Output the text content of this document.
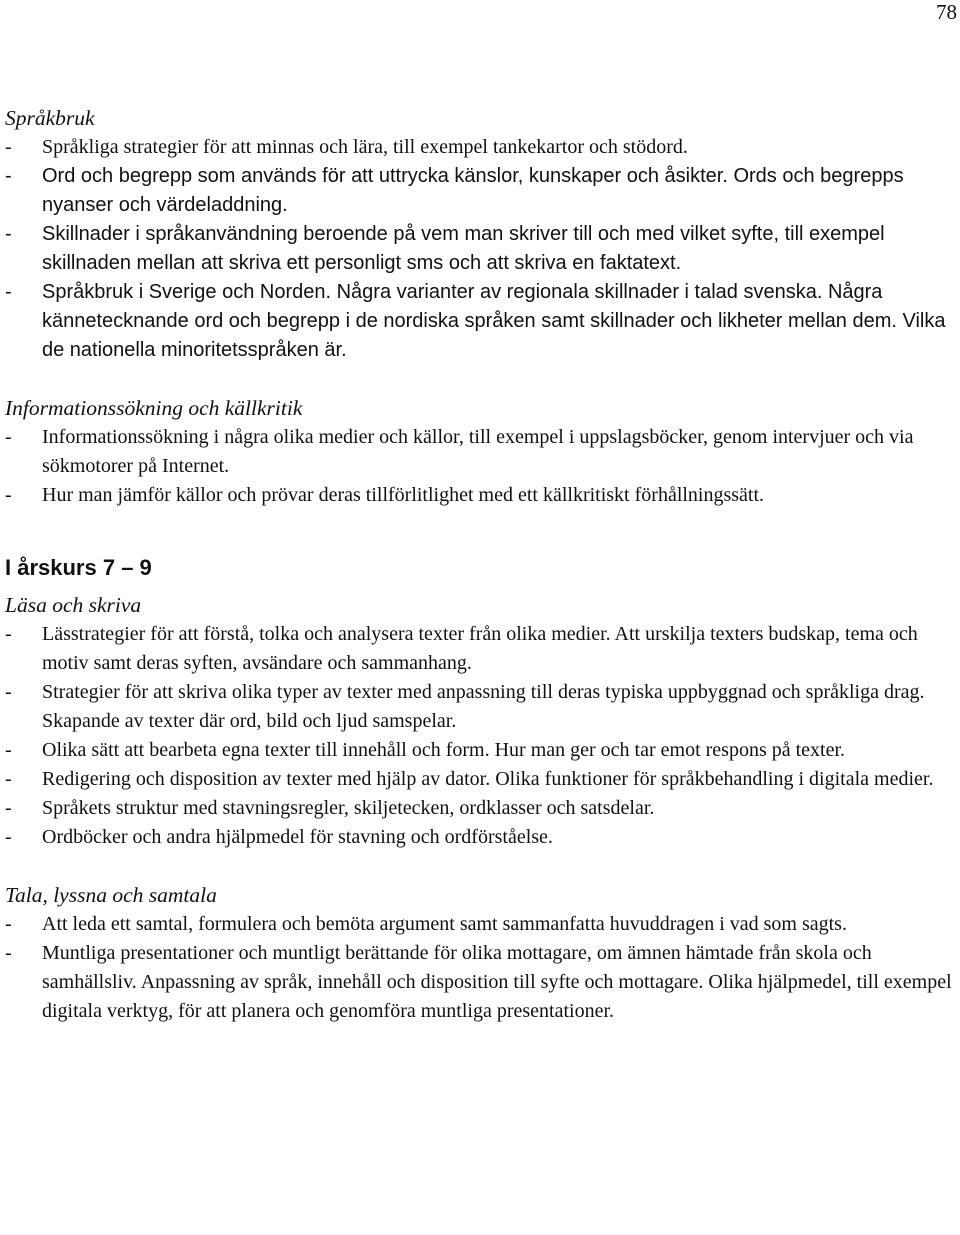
78
Språkbruk
-	Språkliga strategier för att minnas och lära, till exempel tankekartor och stödord.
-	Ord och begrepp som används för att uttrycka känslor, kunskaper och åsikter. Ords och begrepps nyanser och värdeladdning.
-	Skillnader i språkanvändning beroende på vem man skriver till och med vilket syfte, till exempel skillnaden mellan att skriva ett personligt sms och att skriva en faktatext.
-	Språkbruk i Sverige och Norden. Några varianter av regionala skillnader i talad svenska. Några kännetecknande ord och begrepp i de nordiska språken samt skillnader och likheter mellan dem. Vilka de nationella minoritetsspråken är.
Informationssökning och källkritik
-	Informationssökning i några olika medier och källor, till exempel i uppslagsböcker, genom intervjuer och via sökmotorer på Internet.
-	Hur man jämför källor och prövar deras tillförlitlighet med ett källkritiskt förhållningssätt.
I årskurs 7 – 9
Läsa och skriva
-	Lässtrategier för att förstå, tolka och analysera texter från olika medier. Att urskilja texters budskap, tema och motiv samt deras syften, avsändare och sammanhang.
-	Strategier för att skriva olika typer av texter med anpassning till deras typiska uppbyggnad och språkliga drag. Skapande av texter där ord, bild och ljud samspelar.
-	Olika sätt att bearbeta egna texter till innehåll och form. Hur man ger och tar emot respons på texter.
-	Redigering och disposition av texter med hjälp av dator. Olika funktioner för språkbehandling i digitala medier.
-	Språkets struktur med stavningsregler, skiljetecken, ordklasser och satsdelar.
-	Ordböcker och andra hjälpmedel för stavning och ordförståelse.
Tala, lyssna och samtala
-	Att leda ett samtal, formulera och bemöta argument samt sammanfatta huvuddragen i vad som sagts.
-	Muntliga presentationer och muntligt berättande för olika mottagare, om ämnen hämtade från skola och samhällsliv. Anpassning av språk, innehåll och disposition till syfte och mottagare. Olika hjälpmedel, till exempel digitala verktyg, för att planera och genomföra muntliga presentationer.
